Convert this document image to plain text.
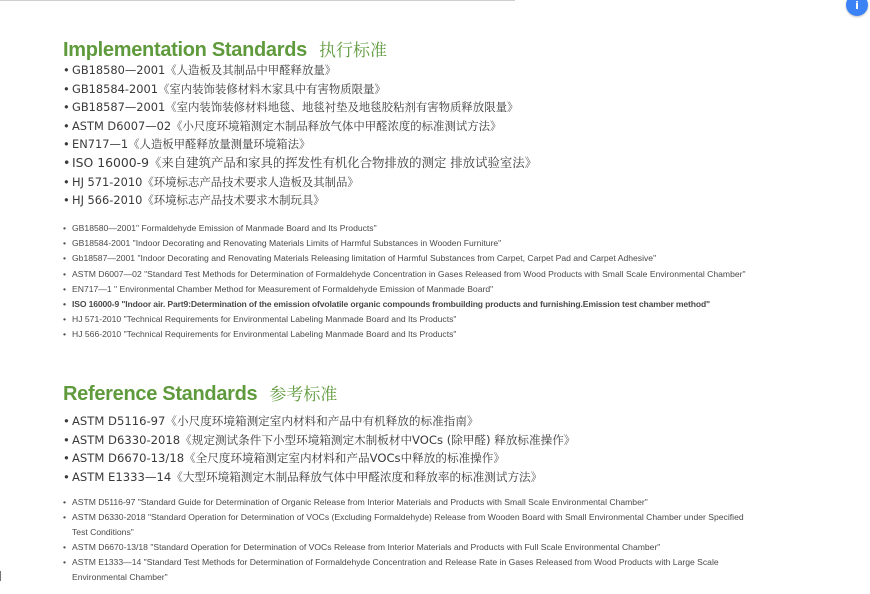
i
Implementation Standards 执行标准
• GB18580—2001《人造板及其制品中甲醛释放量》
• GB18584-2001《室内装饰装修材料木家具中有害物质限量》
• GB18587—2001《室内装饰装修材料地毯、地毯衬垫及地毯胶粘剂有害物质释放限量》
• ASTM D6007—02《小尺度环境箱测定木制品释放气体中甲醛浓度的标准测试方法》
• EN717—1《人造板甲醛释放量测量环境箱法》
• ISO 16000-9《来自建筑产品和家具的挥发性有机化合物排放的测定 排放试验室法》
• HJ 571-2010《环境标志产品技术要求人造板及其制品》
• HJ 566-2010《环境标志产品技术要求木制玩具》
• GB18580—2001" Formaldehyde Emission of Manmade Board and Its Products"
• GB18584-2001 "Indoor Decorating and Renovating Materials Limits of Harmful Substances in Wooden Furniture"
• Gb18587—2001 "Indoor Decorating and Renovating Materials Releasing limitation of Harmful Substances from Carpet, Carpet Pad and Carpet Adhesive"
• ASTM D6007—02 "Standard Test Methods for Determination of Formaldehyde Concentration in Gases Released from Wood Products with Small Scale Environmental Chamber"
• EN717—1 " Environmental Chamber Method for Measurement of Formaldehyde Emission of Manmade Board"
• ISO 16000-9 "Indoor air. Part9:Determination of the emission ofvolatile organic compounds frombuilding products and furnishing.Emission test chamber method"
• HJ 571-2010 "Technical Requirements for Environmental Labeling Manmade Board and Its Products"
• HJ 566-2010 "Technical Requirements for Environmental Labeling Manmade Board and Its Products"
Reference Standards 参考标准
• ASTM D5116-97《小尺度环境箱测定室内材料和产品中有机释放的标准指南》
• ASTM D6330-2018《规定测试条件下小型环境箱测定木制板材中VOCs (除甲醛) 释放标准操作》
• ASTM D6670-13/18《全尺度环境箱测定室内材料和产品VOCs中释放的标准操作》
• ASTM E1333—14《大型环境箱测定木制品释放气体中甲醛浓度和释放率的标准测试方法》
• ASTM D5116-97 "Standard Guide for Determination of Organic Release from Interior Materials and Products with Small Scale Environmental Chamber"
• ASTM D6330-2018 "Standard Operation for Determination of VOCs (Excluding Formaldehyde) Release from Wooden Board with Small Environmental Chamber under Specified
Test Conditions"
• ASTM D6670-13/18 "Standard Operation for Determination of VOCs Release from Interior Materials and Products with Full Scale Environmental Chamber"
• ASTM E1333—14 "Standard Test Methods for Determination of Formaldehyde Concentration and Release Rate in Gases Released from Wood Products with Large Scale
Environmental Chamber"
